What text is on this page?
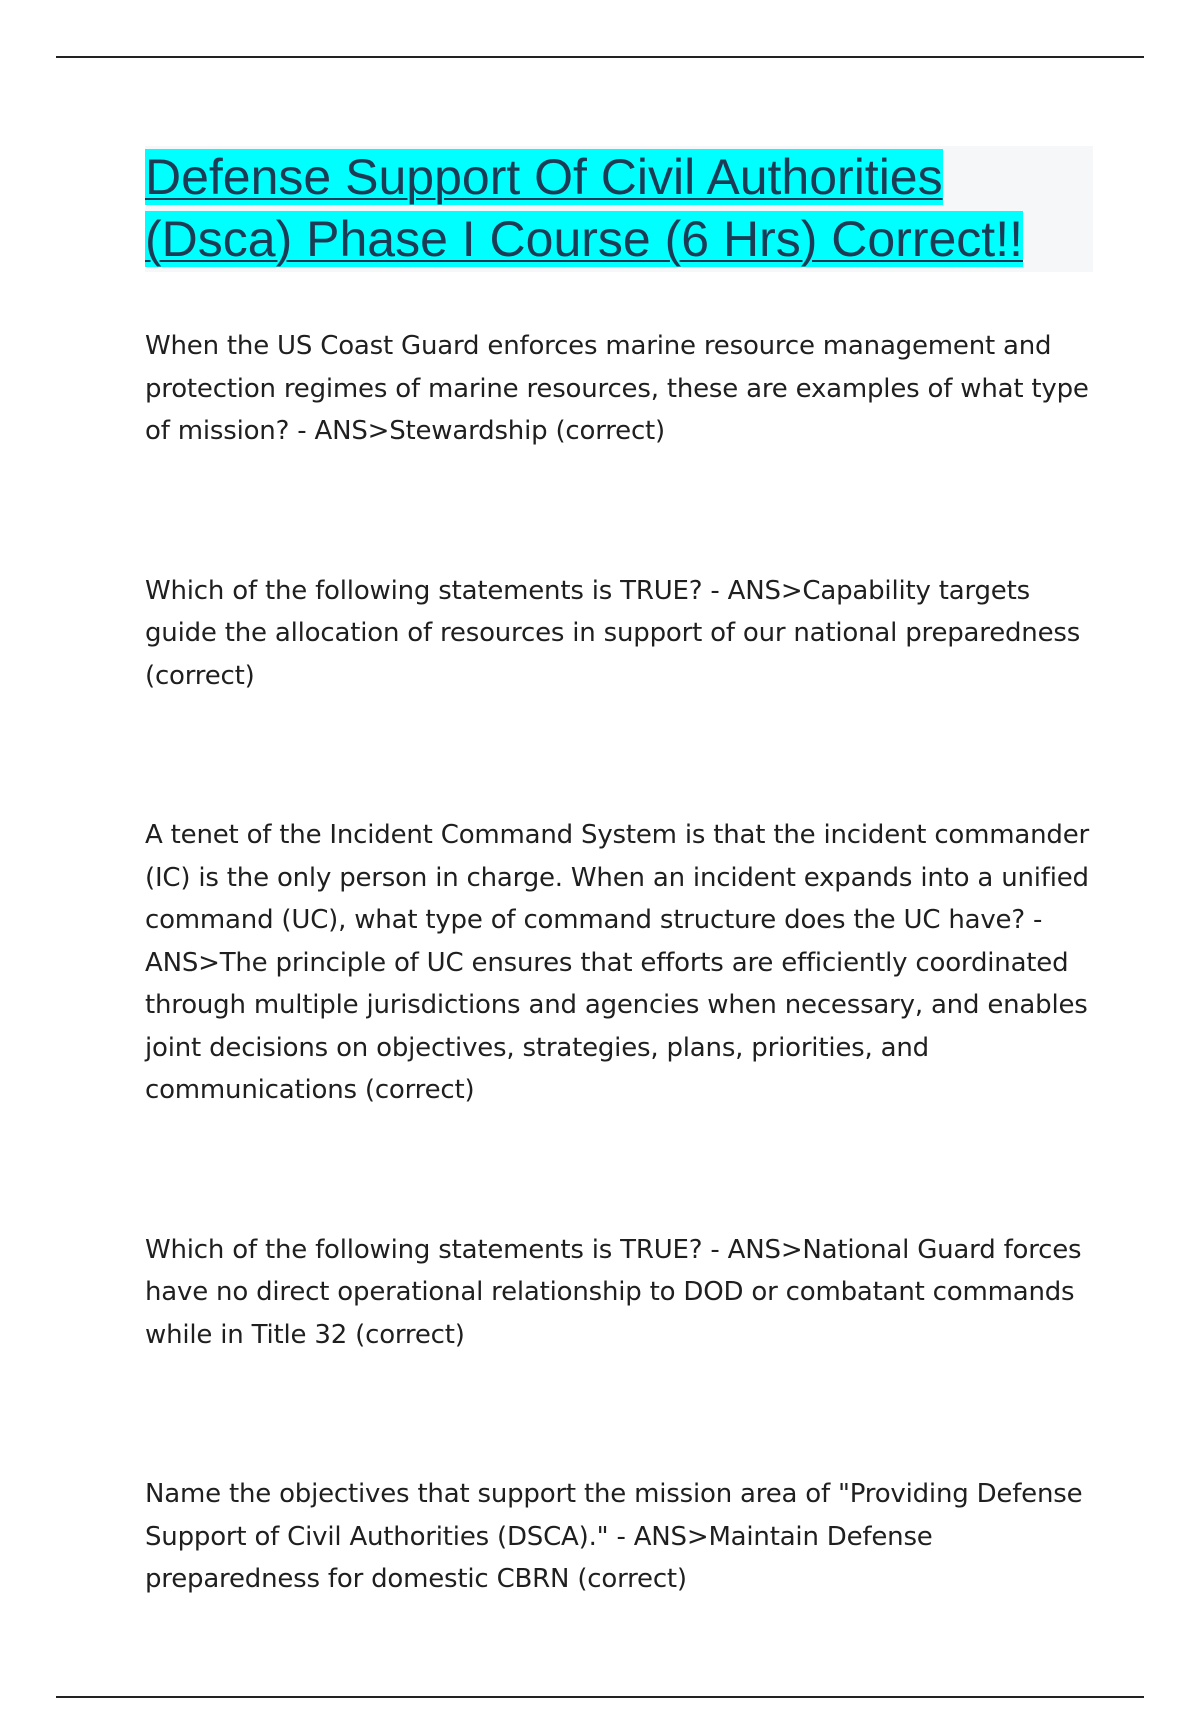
Defense Support Of Civil Authorities
(Dsca) Phase I Course (6 Hrs) Correct!!

When the US Coast Guard enforces marine resource management and protection regimes of marine resources, these are examples of what type of mission? - ANS>Stewardship (correct)

Which of the following statements is TRUE? - ANS>Capability targets guide the allocation of resources in support of our national preparedness (correct)

A tenet of the Incident Command System is that the incident commander (IC) is the only person in charge. When an incident expands into a unified command (UC), what type of command structure does the UC have? - ANS>The principle of UC ensures that efforts are efficiently coordinated through multiple jurisdictions and agencies when necessary, and enables joint decisions on objectives, strategies, plans, priorities, and communications (correct)

Which of the following statements is TRUE? - ANS>National Guard forces have no direct operational relationship to DOD or combatant commands while in Title 32 (correct)

Name the objectives that support the mission area of "Providing Defense Support of Civil Authorities (DSCA)." - ANS>Maintain Defense preparedness for domestic CBRN (correct)
